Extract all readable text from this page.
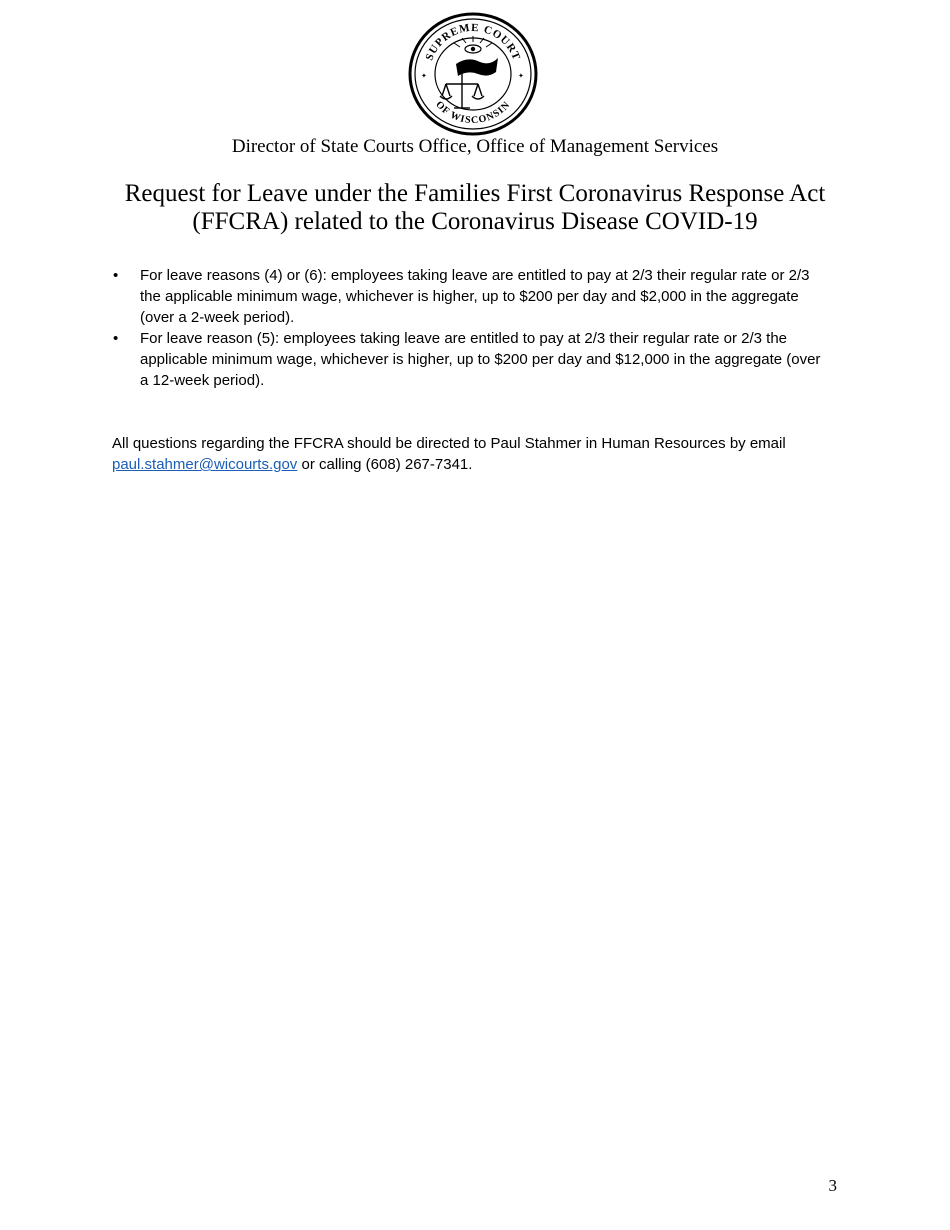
SUPREME COURT
OF WISCONSIN
✦	✦
Director of State Courts Office, Office of Management Services
Request for Leave under the Families First Coronavirus Response Act
(FFCRA) related to the Coronavirus Disease COVID-19
• For leave reasons (4) or (6): employees taking leave are entitled to pay at 2/3 their regular rate or 2/3 the applicable minimum wage, whichever is higher, up to $200 per day and $2,000 in the aggregate (over a 2-week period).
• For leave reason (5): employees taking leave are entitled to pay at 2/3 their regular rate or 2/3 the applicable minimum wage, whichever is higher, up to $200 per day and $12,000 in the aggregate (over a 12-week period).
All questions regarding the FFCRA should be directed to Paul Stahmer in Human Resources by email paul.stahmer@wicourts.gov or calling (608) 267-7341.
3
